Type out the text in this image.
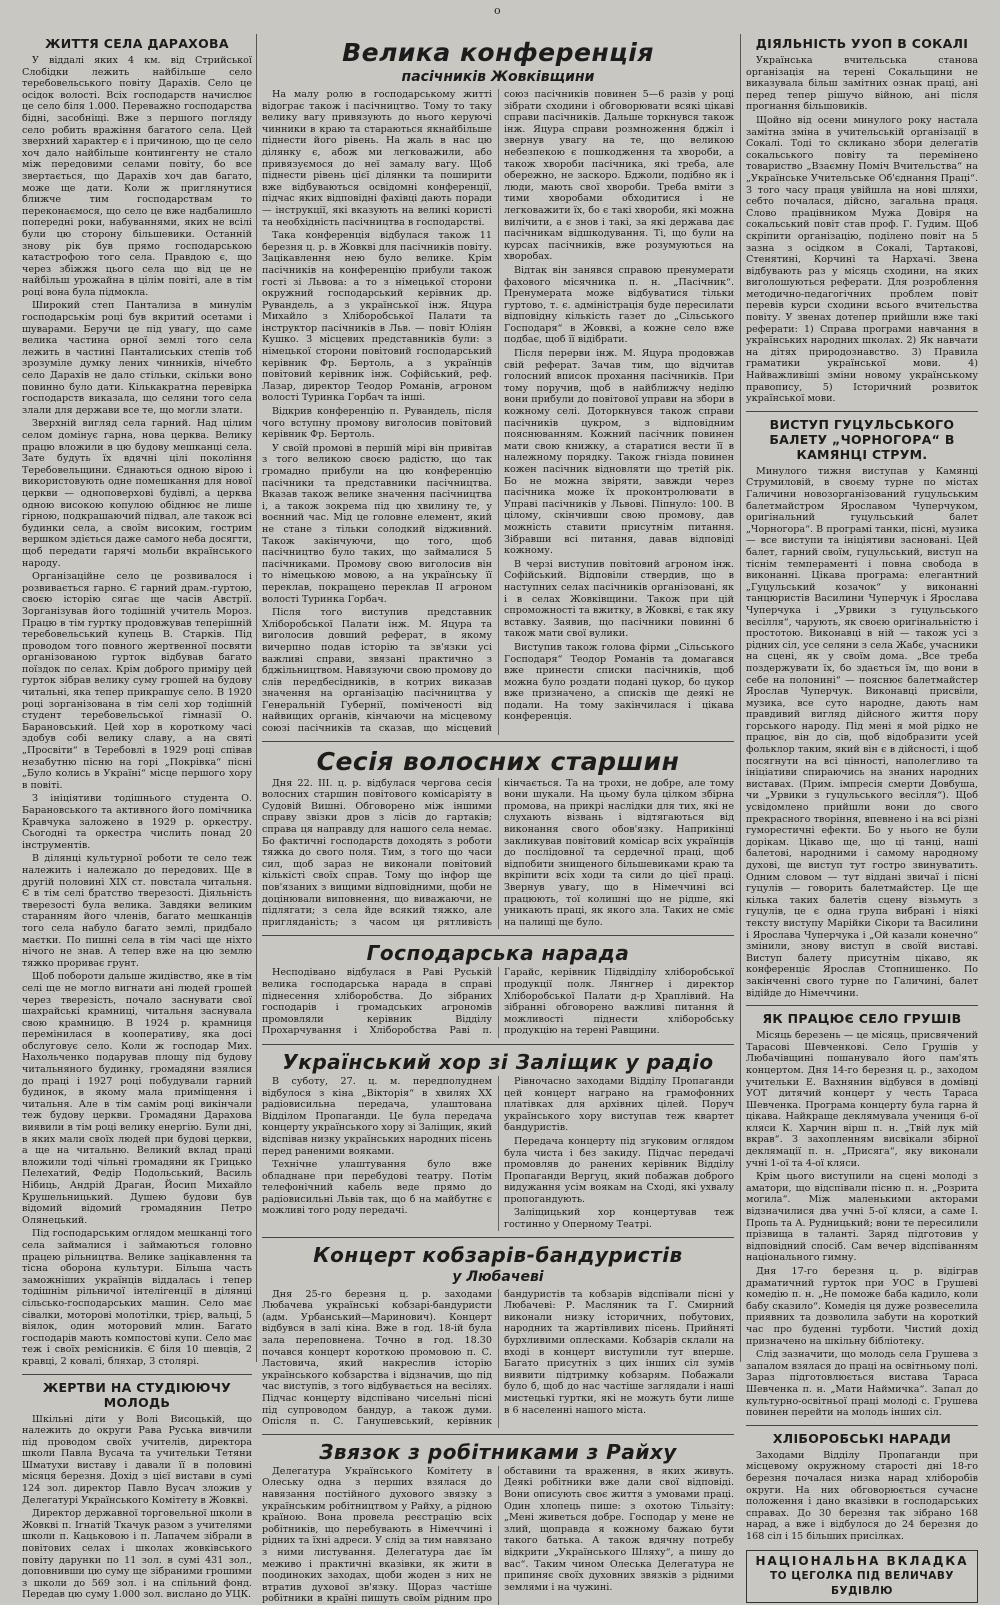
о
ЖИТТЯ СЕЛА ДАРАХОВА

У віддалі яких 4 км. від Стрийської Слобідки лежить найбільше село теребовельського повіту Дарахів. Село це осідок волості. Всіх господарств начислює це село біля 1.000. Переважно господарства бідні, засобніщі. Вже з першого погляду село робить вражіння багатого села. Цей зверхний характер є і причиною, що це село хоч дало найбільше контингенту не стало між передовими селами повіту, бо все звертається, що Дарахів хоч дав багато, може ще дати. Коли ж приглянутися ближче тим господарствам то переконаємося, що село це вже надбалишло попередні роки, набуваннями, яких не всілі були цю сторону більшевики. Останній знову рік був прямо господарською катастрофою того села. Правдою є, що через збіжжя цього села що від це не найбільш урожайна в цілім повіті, але в тім році вона була підмокла.

Широкий степ Пантализа в минулім господарськім році був вкритий осетами і шуварами. Беручи це під увагу, що саме велика частина орної землі того села лежить в частині Панталиських степів тоб зрозуміле думку лених чинників, нічебто село Дарахів не дало стільки, скільки воно повинно було дати. Кількакратна перевірка господарств виказала, що селяни того села злали для держави все те, що могли злати.

Зверхній вигляд села гарний. Над цілим селом домінує гарна, нова церква. Велику працю вложили в цю будову мешканці села. Зате будуть їх вдячні цілі покоління Теребовельщини. Єднаються одною вірою і використовують одне помешкання для нової церкви — одноповерхові будівлі, а церква одною високою копулою обіднює не лише гірною, подкрашаючий підвал, але також всі будинки села, а своїм високим, гострим вершком здіється даже самого неба досягти, щоб передати гарячі мольби вкраїнського народу.

Організаційне село це розвивалося і розвивається гарно. Є гарний драм.-гуртою, своєю історію сягає ще часів Австрії. Зорганізував його тодішній учитель Мороз. Працю в тім гуртку продовжував теперішній теребовельський купець В. Старків. Під проводом того повного жертвенної посвяти організованою гурток відбував багато поїздок по селах. Крім доброго приміру цей гурток зібрав велику суму грошей на будову читальні, яка тепер прикрашує село. В 1920 році зорганізована в тім селі хор тодішній студент теребовельської гімназії О. Барановський. Цей хор в короткому часі здобув собі велику славу, а на святі „Просвіти“ в Теребовлі в 1929 році співав незабутню пісню на горі „Покрівка“ пісні „Було колись в Україні“ місце першого хору в повіті.

З ініціятиви тодішнього студента О. Барановського та активного його помічника Кравчука заложено в 1929 р. оркестру. Сьогодні та оркестра числить понад 20 інструментів.

В ділянці культурної роботи те село теж належить і належало до передових. Ще в другій половині XIX ст. повстала читальня. Є в тім селі братство тверезості. Діяльність тверезості була велика. Завдяки великим старанням його членів, багато мешканців того села набуло багато землі, придбало маєтки. По пишні села в тім часі ще ніхто нічого не знав. А тепер вже на цю землю тяжко прориває грунт.

Щоб побороти дальше жидівство, яке в тім селі ще не могло вигнати ані людей грошей через тверезість, почало заснувати свої шахрайські крамниці, читальня заснувала свою крамницю. В 1924 р. крамниця перемінилася в кооперативу, яка досі обслуговує село. Коли ж господар Мих. Нахольченко подарував площу під будову читальняного будинку, громадяни взялися до праці і 1927 році побудували гарний будинок, в якому мала приміщення і читальня. Але в тім самім році викінчали теж будову церкви. Громадяни Дарахова виявили в тім році велику енергію. Були дні, в яких мали своїх людей при будові церкви, а ще на читальню. Великий вклад праці вложили тоді чільні громадяни як Грицько Пелехатий, Федір Подольський, Василь Нібиць, Андрій Драган, Йосип Михайло Крушельницький. Душею будови був відомий відомий громадянин Петро Олянецький.

Під господарським оглядом мешканці того села займалися і займаються головно працею рільництва. Велике зацікавлення та тісна оборона культури. Більша часть заможніших українців віддалась і тепер тодішнім рільничої інтелігенції в ділянці сільсько-господарських машин. Село має сівалки, моторові молотілки, трієр, вальці, 5 віялок, один моторовий млин. Багато господарів мають компостові купи. Село має теж і своїх ремісників. Є біля 10 шевців, 2 кравці, 2 ковалі, бляхар, 3 столярі.

ЖЕРТВИ НА СТУДІЮЮЧУ МОЛОДЬ

Шкільні діти у Волі Висоцькій, що належить до округи Рава Руська вивчили під проводом своїх учителів, директора школи Павла Вусача та учительки Тетяни Шматухи виставу і давали її в половині місяця березня. Дохід з цієї вистави в сумі 124 зол. директор Павло Вусач зложив у Делегатурі Українського Комітету в Жовкві.

Директор державної торговельної школи в Жовкві п. Ігнатій Ткачук разом з учителями школи п. Кацьковою і п. Лапачем зібрали в повітових селах і школах жовківського повіту дарунки по 11 зол. в сумі 431 зол., доповнивши цю суму ще зібраними грошими з школи до 569 зол. і на спільний фонд. Передав цю суму 1.000 зол. вислано до УЦК.

Велика конференція
пасічників Жовківщини

На малу ролю в господарському житті відограє також і пасічництво. Тому то таку велику вагу привязують до нього керуючі чинники в краю та стараються якнайбільше піднести його рівень. На жаль в нас цю ділянку є, абож ми легковажили, або привязуємося до неї замалу вагу. Щоб піднести рівень цієї ділянки та поширити вже відбуваються освідомні конференції, підчас яких відповідні фахівці дають поради — інструкції, які вказують на великі користі та необхідність пасічництва в господарстві.

Така конференція відбулася також 11 березня ц. р. в Жовкві для пасічників повіту. Зацікавлення нею було велике. Крім пасічників на конференцію прибули також гості зі Львова: а то з німецької сторони окружний господарський керівник др. Рувандель, а з української інж. Яцура Михайло з Хліборобської Палати та інструктор пасічників в Льв. — повіт Юліян Кушко. З місцевих представників були: з німецької сторони повітовий господарський керівник Фр. Бертоль, а з українців повітовий керівник інж. Софійський, реф. Лазар, директор Теодор Романів, агроном волості Туринка Горбач та інші.

Відкрив конференцію п. Рувандель, після чого вступну промову виголосив повітовий керівник Фр. Бертоль.

У своїй промові в першій мірі він привітав з того великою своєю радістю, що так громадно прибули на цю конференцію пасічники та представники пасічництва. Вказав також велике значення пасічництва і, а також зокрема під цю хвилину те, у воєнний час. Мід це головне елемент, який не стане з тільки солодкий відживний. Також закінчуючи, що того, щоб пасічництво було таких, що займалися 5 пасічниками. Промову свою виголосив він то німецькою мовою, а на українську її переклав, покращено переклав ІІ агроном волості Туринка Горбач.

Після того виступив представник Хліборобської Палати інж. М. Яцура та виголосив довший реферат, в якому вичерпно подав історію та зв'язки усі важливі справи, звязані практично з бджільництвом. Навязуючи свою промову до слів передбесідників, в котрих виказав значення на організацію пасічництва у Генеральній Губернії, поміченості від найвищих органів, кінчаючи на місцевому союзі пасічників та сказав, що місцевий союз пасічників повинен 5—6 разів у році зібрати сходини і обговорювати всякі цікаві справи пасічників. Дальше торкнувся також інж. Яцура справи розмноження бджіл і звернув увагу на те, що великою небезпекою є пошкодження та хвороби, а також хвороби пасічника, які треба, але обережно, не заскоро. Бджоли, подібно як і люди, мають свої хвороби. Треба вміти з тими хворобами обходитися і не легковажити їх, бо є такі хвороби, які можна вилічити, а є знов і такі, за які держава дає пасічникам відшкодування. Ті, що були на курсах пасічників, вже розумуються на хворобах.

Відтак він занявся справою пренумерати фахового місячника п. н. „Пасічник“. Пренумерата може відбуватися тільки гуртово, т. є. адміністрація буде пересилати відповідну кількість газет до „Сільського Господаря“ в Жовкві, а кожне село вже подбає, щоб її відібрати.

Після перерви інж. М. Яцура продовжав свій реферат. Зачав тим, що відчитав голосний вписок прохання пасічників. При тому поручив, щоб в найближчу неділю вони прибули до повітової управи на збори в кожному селі. Доторкнувся також справи пасічників цукром, з відповідним пояснюванням. Кожний пасічник повинен мати свою книжку, а старатися вести її в належному порядку. Також гнізда повинен кожен пасічник відновляти що третій рік. Бо не можна звіряти, завжди через пасічника може їх проконтролювати в Управі пасічників у Львові. Піпнуло: 100. В цілому, скінчивши свою промову, дав можність ставити присутнім питання. Зібравши всі питання, давав відповіді кожному.

В черзі виступив повітовий агроном інж. Софійський. Відповіли ствердив, що в наступних селах пасічників організовані, як і в селах Жовківщини. Також при цій спроможності та вжитку, в Жовкві, є так яку вставку. Заявив, що пасічники повинні б також мати свої вулики.

Виступив також голова фірми „Сільського Господаря“ Теодор Романів та домагався вже принести списки пасічників, щоб можна було роздати подані цукор, бо цукор вже призначено, а списків ще деякі не подали. На тому закінчилася і цікава конференція.

Сесія волосних старшин

Дня 22. ІІІ. ц. р. відбулася чергова сесія волосних старшин повітового комісаріяту в Судовій Вишні. Обговорено між іншими справу звізки дров з лісів до гартаків; справа ця направду для нашого села немає. Бо фактичні господарств доходять з роботи тяжка до свого поля. Тим, з того що часи сил, щоб зараз не виконали повітовий кількісті своїх справ. Тому що інфор ще пов'язаних з вищими відповідними, щоби не доцінювали виповнення, що виважаючи, не підлягати; з села йде всякий тяжко, але пригляданість; з часом ця рятливість кінчається. Та на трохи, не добре, але тому вони шукали. На цьому була цілком збірна промова, на прикрі наслідки для тих, які не слухають візвань і відтягаються від виконання свого обов'язку. Наприкінці закликував повітовий комісар всіх українців до послідовної та сердечної праці, щоб відпобити знищеного більшевиками краю та вкріпити всіх ходи та сили до цієї праці. Звернув увагу, що в Німеччині всі працюють, тої колишні що не рідше, які уникають праці, як якого зла. Таких не сміє на палищі ще було.

Господарська нарада

Несподівано відбулася в Раві Руській велика господарська нарада в справі піднесення хліборобства. До зібраних господарів і громадських агрономів промовляли керівник Відділу Прохарчування і Хліборобства Раві п. Гарайс, керівник Підвідділу хліборобської продукції полк. Лянгнер і директор Хліборобської Палати д-р Храплівий. На зібранні обговорено важливі питання й можливості піднести хліборобську продукцію на терені Равщини.

Український хор зі Заліщик у радіо

В суботу, 27. ц. м. передполуднем відбулося з кіна „Вікторія“ в хвилях ХХ радіовисильна передача, улаштована Відділом Пропаганди. Це була передача концерту українського хору зі Заліщик, який відспівав низку українських народних пісень перед раненими вояками.

Технічне улаштування було вже обладнане при перебудові театру. Потім телефонічний кабель веде прямо до радіовисильні Львів так, що б на майбутнє є можливі того роду передачі.

Рівночасно заходами Відділу Пропаганди цей концерт награно на грамофонних платівках для архівних цілей. Поруч українського хору виступав теж квартет бандуристів.

Передача концерту під згуковим оглядом була чиста і без закиду. Підчас передачі промовляв до ранених керівник Відділу Пропаганди Вергуц, який побажав доброго видужання усім воякам на Сході, які ухвалу пропогандують.

Заліщицький хор концертував теж гостинно у Оперному Театрі.

Концерт кобзарів-бандуристів
у Любачеві

Дня 25-го березня ц. р. заходами Любачева українські кобзарі-бандуристи (адм. Урбанський—Маринович). Концерт відбувся в залі кіна. Вже в год. 18-ій була зала переповнена. Точно в год. 18.30 почався концерт короткою промовою п. С. Ластовича, який накреслив історію українського кобзарства і відзначив, що під час виступів, з того відбувається на весілях. Підчас концерту відспівано чисельні пісні під супроводом бандур, а також думи. Опісля п. С. Ганушевський, керівник бандуристів та кобзарів відспівали пісні у Любачеві: Р. Масляник та Г. Смирний виконали низку історичних, побутових, народних та жартівливих пісень. Прийняті бурхливими оплесками. Кобзарів склали на вході в концерт виступили тут вперше. Багато присутніх з цих інших сіл зумів виявити підтримку кобзарям. Побажали було б, щоб до нас частіше заглядали і наші мистецькі гуртки, які не можуть бути лише в 6 населенні нашого міста.

Звязок з робітниками з Райху

Делегатура Українського Комітету в Олеську одна з перших взялася до навязання постійного духового звязку з українським робітництвом у Райху, а рідною країною. Вона провела реєстрацію всіх робітників, що перебувають в Німеччині і рідних та їхні адреси. У слід за тим навязано з ними листування. Делегатура дає їм меживо і практичні вказівки, як жити в поодиноких заходах, щоби жоден з них не втратив духової зв'язку. Щораз частіше робітники в країні пишуть своїм рідним про обставини та враження, в яких живуть. Деякі робітники вже дали свої відповіді. Вони описують своє життя з умовами праці. Один хлопець пише: з охотою Тільзіту: „Мені живеться добре. Господар у мене не злий, щоправда я кожному бажаю бути такого батька. А також вдячну потребу відкрити „Українського Шляху“, а пишу до вас“. Таким чином Олеська Делегатура не припиняє своїх духовних звязків з рідними землями і на чужині.

ДІЯЛЬНІСТЬ УУОП В СОКАЛІ

Українська вчительська станова організація на терені Сокальщини не виказувала більш замітних ознак праці, ані перед тепер рішучо війною, ані після прогнання більшовиків.

Щойно від осени минулого року настала замітна зміна в учительській організації в Сокалі. Тоді то скликано збори делегатів сокальського повіту та перемінено товариство „Взаємну Поміч Вчительства“ на „Українське Учительське Об'єднання Праці“. З того часу праця увійшла на нові шляхи, себто почалася, дійсно, загальна праця. Слово працівником Мужа Довіря на сокальський повіт став проф. Г. Гудим. Щоб скріпити організацію, поділено повіт на 5 зазна з осідком в Сокалі, Тартакові, Стенятині, Корчині та Нархачі. Звена відбувають раз у місяць сходини, на яких виголошуються реферати. Для розроблення методично-педагогічних проблем повіт перевів курси сходини всього вчительства повіту. У звенах дотепер прийшли вже такі реферати: 1) Справа програми навчання в українських народних школах. 2) Як навчати на дітях природознавство. 3) Правила граматики української мови. 4) Найважливіші зміни новому українському правопису, 5) Історичний розвиток української мови.

ВИСТУП ГУЦУЛЬСЬКОГО БАЛЕТУ „ЧОРНОГОРА“ В КАМЯНЦІ СТРУМ.

Минулого тижня виступав у Камянці Струмиловій, в своєму турне по містах Галичини новозорганізований гуцульським балетмайстром Ярославом Чуперчуком, оригінальний гуцульський балет „Чорногора“. В програмі танки, пісні, музика — все виступи та ініціятиви засновані. Цей балет, гарний своїм, гуцульський, виступ на тіснім темпераменті і повна свобода в виконанні. Цікава програма: елегантний „Гуцульський козачок“ у виконанні танцюристів Василини Чуперчук і Ярослава Чуперчука і „Урвики з гуцульського весілля“, чарують, як своєю оригінальністю і простотою. Виконавці в ній — також усі з рідних сіл, усе селяни з села Жабє, учасники на сцені, як у своїм дома. „Все треба поздержувати їх, бо здається їм, що вони в себе на полонині“ — пояснює балетмайстер Ярослав Чуперчук. Виконавці присвіли, музика, все суто народне, дають нам правдивий вигляд дійсного життя пору горського народу. Під мені я мой рідко не працює, він до сів, щоб відобразити усей фольклор таким, який він є в дійсності, і щоб посягнути на всі цінності, наполегливо та ініціативи спираючись на знаних народних виставах. (Прим. імпресія смерти Довбуша, чи „Урвики з гуцульського весілля“). Щоб усвідомлено прийшли вони до свого прекрасного творіння, впевнено і на всі різні гуморестичні ефекти. Бо у нього не були дорікам. Цікаво ще, що ці танці, наші балетові, народними і самому народному духові, ще виступ тут гостро звинуватить. Одним словом — тут віддані звичаї і пісні гуцулів — говорить балетмайстер. Це ще кілька таких балетів сцену візьмуть з гуцулів, це є одна група вибрані і ніякі тексту виступу Марійки Сікори та Василини і Ярослава Чуперчука і „Ой казали конечно“ змінили, знову виступ в своїй виставі. Виступ балету присутнім цікаво, як конференціє Ярослав Стопнишенко. По закінченні свого турне по Галичині, балет відійде до Німеччини.

ЯК ПРАЦЮЄ СЕЛО ГРУШІВ

Місяць березень — це місяць, присвячений Тарасові Шевченкові. Село Грушів у Любачівщині пошанувало його пам'ять концертом. Дня 14-го березня ц. р., заходом учительки Е. Вахнянин відбувся в домівці УОТ дитячий концерт у честь Тараса Шевченка. Програма концерту була гарна й цікава. Найкраще деклямувала учениця 6-ої кляси К. Харчин вірш п. н. „Твій лук мій вкрав“. З захопленням висвікали збірної деклямації п. н. „Присяга“, яку виконали учні 1-ої та 4-ої кляси.

Крім цього виступили на сцені молоді з аматори, що відспівали пісню п. н. „Розрита могила“. Між маленькими акторами відзначилися два учні 5-ої кляси, а саме І. Пропь та А. Рудницький; вони те пересилили прізвища в таланті. Заряд підготовив у відповідний спосіб. Сам вечер відспіванням національного гимну.

Дня 17-го березня ц. р. відіграв драматичний гурток при УОС в Грушеві комедію п. н. „Не поможе баба кадило, коли бабу сказило“. Комедія ця дуже розвеселила приявних та дозволила забути на короткий час про буденні турботи. Чистий дохід призначено на шкільну бібліотеку.

Слід зазначити, що молодь села Грушева з запалом взялася до праці на освітньому полі. Зараз підготовлюється вистава Тараса Шевченка п. н. „Мати Наймичка“. Запал до культурно-освітньої праці молоді с. Грушева повинен перейти на молодь інших сіл.

ХЛІБОРОБСЬКІ НАРАДИ

Заходами Відділу Пропаганди при місцевому окружному старості дні 18-го березня почалася низка нарад хліборобів округи. На них обговорюється сучасне положення і дано вказівки в господарських справах. До 30 березня так зібрано 168 нарад, а вже і відбулося до 24 березня до 168 сіл і 15 більших присілках.

НАЦІОНАЛЬНА ВКЛАДКА
ТО ЦЕГОЛКА ПІД ВЕЛИЧАВУ БУДІВЛЮ
